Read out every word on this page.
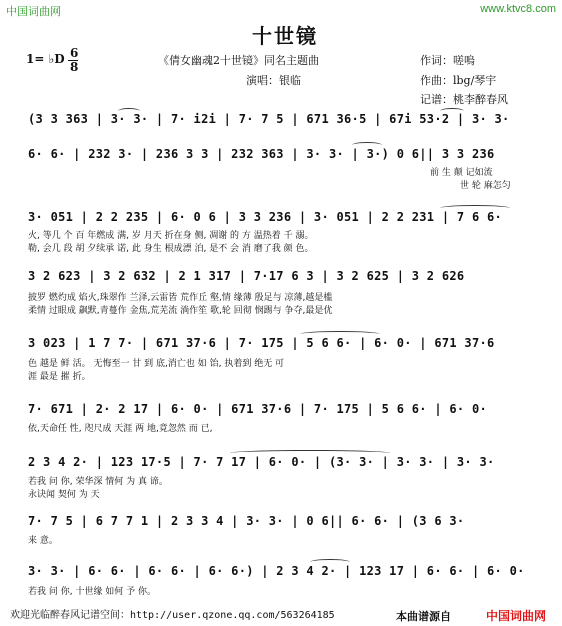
中国词曲网	www.ktvc8.com
十世镜
1= ♭D 6
8	《倩女幽魂2十世镜》同名主题曲
演唱：银临
作词：嗟嗚
作曲：lbg/琴宇
记谱：桃李醉春风
(3 3 363 | 3· 3· | 7· i2i | 7· 7 5 | 671 36·5 | 67i 53·2 | 3· 3·
6· 6· | 232 3· | 236 3 3 | 232 363 | 3· 3· | 3·) 0 6|| 3 3 236
前 生 颠 记如流
世 轮 麻怎匀
3· 051 | 2 2 235 | 6· 0 6 | 3 3 236 | 3· 051 | 2 2 231 | 7 6 6·
火, 等几 个 百 年燃成 满, 岁 月天 折在身 侧, 凋谢 的 方 温热着 千 溺。
勒, 会几 段 胡 夕续承 诺, 此 身生 根成漂 泊, 是不 会 消 磨了我 颜 色。
3 2 623 | 3 2 632 | 2 1 317 | 7·17 6 3 | 3 2 625 | 3 2 626
披罗 燃灼成 焰火,珠翠作 兰泽,云雷皆 荒作丘 壑,情 缘薄 殷足与 凉薄,越是槛
柔情 过眼成 飙默,青蔓作 金焦,荒芜流 淌作笙 歌,轮 回彻 悯踢与 争夺,最是优
3 023 | 1 7 7· | 671 37·6 | 7· 175 | 5 6 6· | 6· 0· | 671 37·6
色 越是 鲜 活。 无悔至一 甘 到 底,消亡也 如 饴, 执着到 绝无 可
涯 最是 摧 折。
7· 671 | 2· 2 17 | 6· 0· | 671 37·6 | 7· 175 | 5 6 6· | 6· 0·
依,天命任 性, 咫尺成 天涯 两 地,竟忽然 而 已,
2 3 4 2· | 123 17·5 | 7· 7 17 | 6· 0· | (3· 3· | 3· 3· | 3· 3·
若我 问 你, 荣华深 情何 为 真 谛。
永诀闻 契何 为 天
7· 7 5 | 6 7 7 1 | 2 3 3 4 | 3· 3· | 0 6|| 6· 6· | (3 6 3·
来 意。
3· 3· | 6· 6· | 6· 6· | 6· 6·) | 2 3 4 2· | 123 17 | 6· 6· | 6· 0·
若我 问 你, 十世缘 如何 予 你。
欢迎光临醉春风记谱空间：http://user.qzone.qq.com/563264185	本曲谱源自	中国词曲网
